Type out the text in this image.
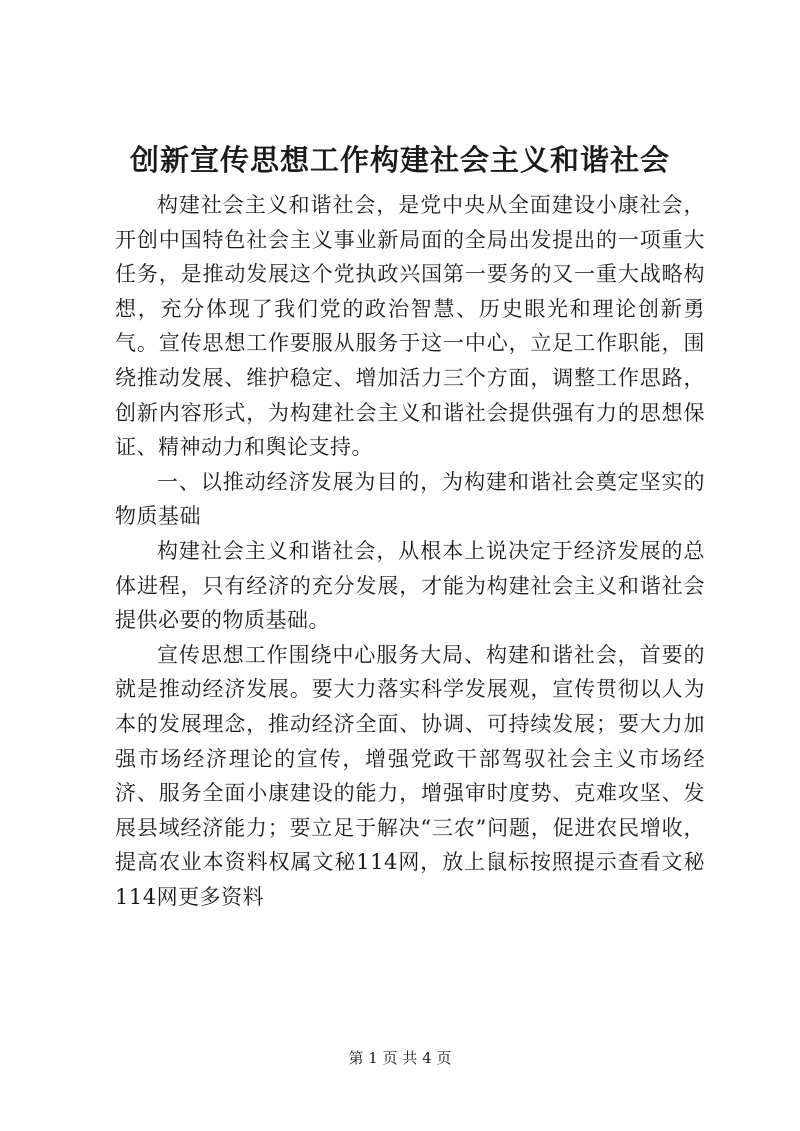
创新宣传思想工作构建社会主义和谐社会

构建社会主义和谐社会，是党中央从全面建设小康社会，开创中国特色社会主义事业新局面的全局出发提出的一项重大任务，是推动发展这个党执政兴国第一要务的又一重大战略构想，充分体现了我们党的政治智慧、历史眼光和理论创新勇气。宣传思想工作要服从服务于这一中心，立足工作职能，围绕推动发展、维护稳定、增加活力三个方面，调整工作思路，创新内容形式，为构建社会主义和谐社会提供强有力的思想保证、精神动力和舆论支持。

一、以推动经济发展为目的，为构建和谐社会奠定坚实的物质基础

构建社会主义和谐社会，从根本上说决定于经济发展的总体进程，只有经济的充分发展，才能为构建社会主义和谐社会提供必要的物质基础。

宣传思想工作围绕中心服务大局、构建和谐社会，首要的就是推动经济发展。要大力落实科学发展观，宣传贯彻以人为本的发展理念，推动经济全面、协调、可持续发展；要大力加强市场经济理论的宣传，增强党政干部驾驭社会主义市场经济、服务全面小康建设的能力，增强审时度势、克难攻坚、发展县域经济能力；要立足于解决“三农”问题，促进农民增收，提高农业本资料权属文秘114网，放上鼠标按照提示查看文秘114网更多资料

第 1 页 共 4 页
